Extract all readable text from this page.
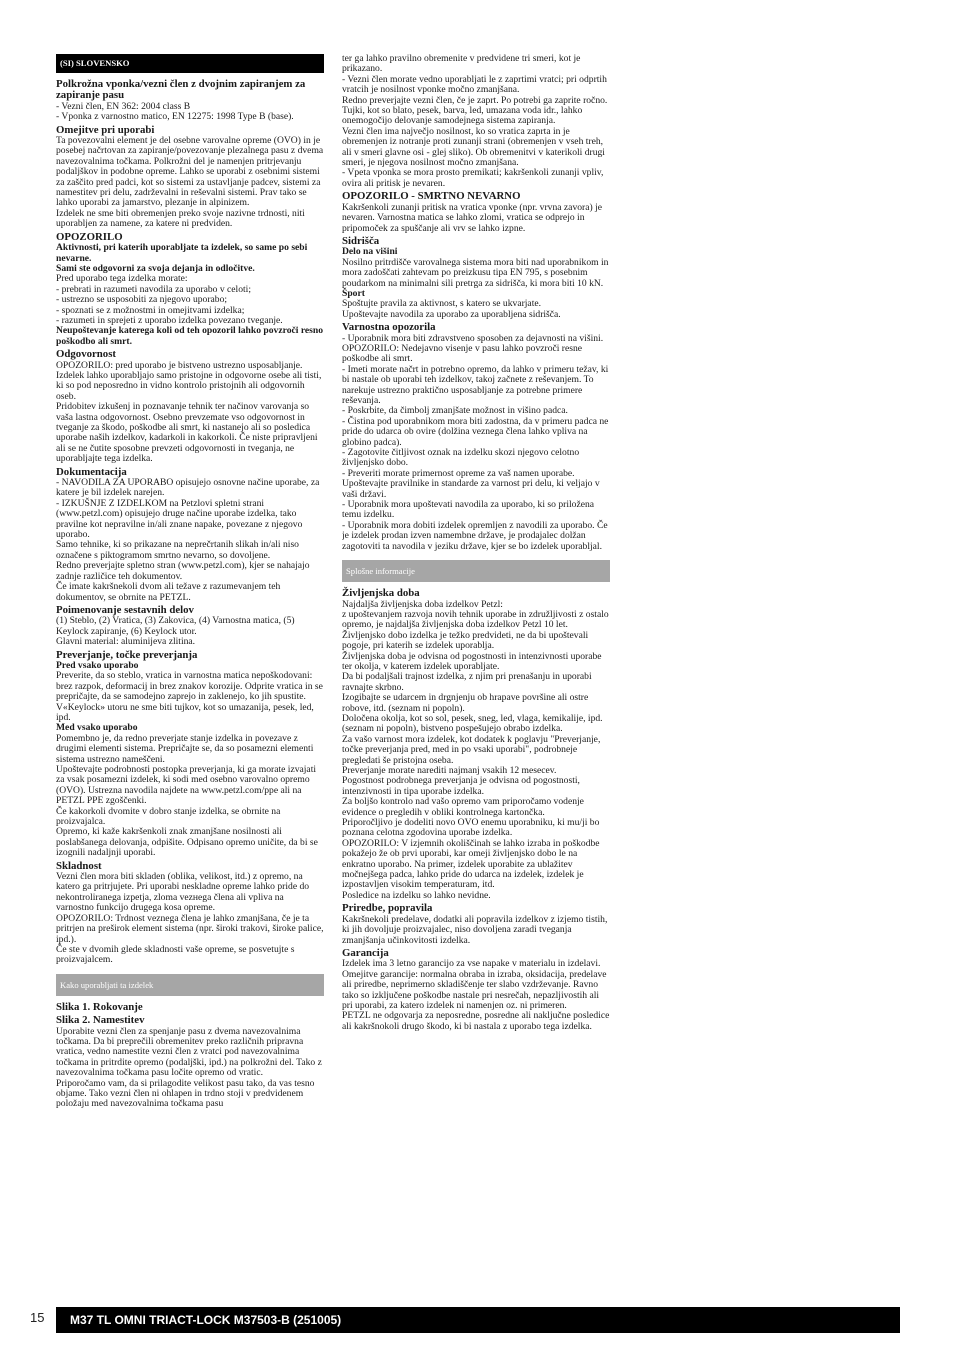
(SI) SLOVENSKO
Polkrožna vponka/vezni člen z dvojnim zapiranjem za zapiranje pasu
- Vezni člen, EN 362: 2004 class B
- Vponka z varnostno matico, EN 12275: 1998 Type B (base).
Omejitve pri uporabi
Ta povezovalni element je del osebne varovalne opreme (OVO) in je posebej načrtovan za zapiranje/povezovanje plezalnega pasu z dvema navezovalnima točkama. Polkrožni del je namenjen pritrjevanju podaljškov in podobne opreme. Lahko se uporabi z osebnimi sistemi za zaščito pred padci, kot so sistemi za ustavljanje padcev, sistemi za namestitev pri delu, zadrževalni in reševalni sistemi. Prav tako se lahko uporabi za jamarstvo, plezanje in alpinizem.
Izdelek ne sme biti obremenjen preko svoje nazivne trdnosti, niti uporabljen za namene, za katere ni predviden.
OPOZORILO
Aktivnosti, pri katerih uporabljate ta izdelek, so same po sebi nevarne.
Sami ste odgovorni za svoja dejanja in odločitve.
Pred uporabo tega izdelka morate:
- prebrati in razumeti navodila za uporabo v celoti;
- ustrezno se usposobiti za njegovo uporabo;
- spoznati se z možnostmi in omejitvami izdelka;
- razumeti in sprejeti z uporabo izdelka povezano tveganje.
Neupoštevanje katerega koli od teh opozoril lahko povzroči resno poškodbo ali smrt.
Odgovornost
OPOZORILO: pred uporabo je bistveno ustrezno usposabljanje.
Izdelek lahko uporabljajo samo pristojne in odgovorne osebe ali tisti, ki so pod neposredno in vidno kontrolo pristojnih ali odgovornih oseb.
Pridobitev izkušenj in poznavanje tehnik ter načinov varovanja so vaša lastna odgovornost. Osebno prevzemate vso odgovornost in tveganje za škodo, poškodbe ali smrt, ki nastanejo ali so posledica uporabe naših izdelkov, kadarkoli in kakorkoli. Če niste pripravljeni ali se ne čutite sposobne prevzeti odgovornosti in tveganja, ne uporabljajte tega izdelka.
Dokumentacija
- NAVODILA ZA UPORABO opisujejo osnovne načine uporabe, za katere je bil izdelek narejen.
- IZKUŠNJE Z IZDELKOM na Petzlovi spletni strani (www.petzl.com) opisujejo druge načine uporabe izdelka, tako pravilne kot nepravilne in/ali znane napake, povezane z njegovo uporabo.
Samo tehnike, ki so prikazane na neprečrtanih slikah in/ali niso označene s piktogramom smrtno nevarno, so dovoljene.
Redno preverjajte spletno stran (www.petzl.com), kjer se nahajajo zadnje različice teh dokumentov.
Če imate kakršnekoli dvom ali težave z razumevanjem teh dokumentov, se obrnite na PETZL.
Poimenovanje sestavnih delov
(1) Steblo, (2) Vratica, (3) Zakovica, (4) Varnostna matica, (5) Keylock zapiranje, (6) Keylock utor.
Glavni material: aluminijeva zlitina.
Preverjanje, točke preverjanja
Pred vsako uporabo
Preverite, da so steblo, vratica in varnostna matica nepoškodovani: brez razpok, deformacij in brez znakov korozije. Odprite vratica in se prepričajte, da se samodejno zaprejo in zakleneјo, ko jih spustite. V«Keylock» utoru ne sme biti tujkov, kot so umazanija, pesek, led, ipd.
Med vsako uporabo
Pomembno je, da redno preverjate stanje izdelka in povezave z drugimi elementi sistema. Prepričajte se, da so posamezni elementi sistema ustrezno nameščeni.
Upoštevajte podrobnosti postopka preverjanja, ki ga morate izvajati za vsak posamezni izdelek, ki sodi med osebno varovalno opremo (OVO). Ustrezna navodila najdete na www.petzl.com/ppe ali na PETZL PPE zgoščenki.
Če kakorkoli dvomite v dobro stanje izdelka, se obrnite na proizvajalca.
Opremo, ki kaže kakršenkoli znak zmanjšane nosilnosti ali poslabšanega delovanja, odpišite. Odpisano opremo uničite, da bi se izognili nadaljnji uporabi.
Skladnost
Vezni člen mora biti skladen (oblika, velikost, itd.) z opremo, na katero ga pritrjujete. Pri uporabi neskladne opreme lahko pride do nekontroliranega izpetja, zloma vezнega člena ali vpliva na varnostno funkcijo drugega kosa opreme.
OPOZORILO: Trdnost veznega člena je lahko zmanjšana, če je ta pritrjen na preširok element sistema (npr. široki trakovi, široke palice, ipd.).
Če ste v dvomih glede skladnosti vaše opreme, se posvetujte s proizvajalcem.
Kako uporabljati ta izdelek
Slika 1. Rokovanje
Slika 2. Namestitev
Uporabite vezni člen za spenjanje pasu z dvema navezovalnima točkama. Da bi preprečili obremenitev preko različnih pripravna vratica, vedno namestite vezni člen z vratci pod navezovalnima točkama in pritrdite opremo (podaljški, ipd.) na polkrožni del. Tako z navezovalnima točkama pasu ločite opremo od vratic.
Priporočamo vam, da si prilagodite velikost pasu tako, da vas tesno objame. Tako vezni člen ni ohlapen in trdno stoji v predvidenem položaju med navezovalnima točkama pasu
ter ga lahko pravilno obremenite v predvidene tri smeri, kot je prikazano.
- Vezni člen morate vedno uporabljati le z zaprtimi vratci; pri odprtih vratcih je nosilnost vponke močno zmanjšana.
Redno preverjajte vezni člen, če je zaprt. Po potrebi ga zaprite ročno.
Tujki, kot so blato, pesek, barva, led, umazana voda idr., lahko onemogočijo delovanje samodejnega sistema zapiranja.
Vezni člen ima največjo nosilnost, ko so vratica zaprta in je obremenjen iz notranje proti zunanji strani (obremenjen v vseh treh, ali v smeri glavne osi - glej sliko). Ob obremenitvi v katerikoli drugi smeri, je njegova nosilnost močno zmanjšana.
- Vpeta vponka se mora prosto premikati; kakršenkoli zunanji vpliv, ovira ali pritisk je nevaren.
OPOZORILO - SMRTNO NEVARNO
Kakršenkoli zunanji pritisk na vratica vponke (npr. vrvna zavora) je nevaren. Varnostna matica se lahko zlomi, vratica se odprejo in pripomoček za spuščanje ali vrv se lahko izpne.
Sidrišča
Delo na višini
Nosilno pritrdišče varovalnega sistema mora biti nad uporabnikom in mora zadoščati zahtevam po preizkusu tipa EN 795, s posebnim poudarkom na minimalni sili pretrga za sidrišča, ki mora biti 10 kN.
Šport
Spoštujte pravila za aktivnost, s katero se ukvarjate.
Upoštevajte navodila za uporabo za uporabljena sidrišča.
Varnostna opozorila
- Uporabnik mora biti zdravstveno sposoben za dejavnosti na višini. OPOZORILO: Nedejavno visenje v pasu lahko povzroči resne poškodbe ali smrt.
- Imeti morate načrt in potrebno opremo, da lahko v primeru težav, ki bi nastale ob uporabi teh izdelkov, takoj začnete z reševanjem. To narekuje ustrezno praktično usposabljanje za potrebne primere reševanja.
- Poskrbite, da čimbolj zmanjšate možnost in višino padca.
- Čistina pod uporabnikom mora biti zadostna, da v primeru padca ne pride do udarca ob ovire (dolžina veznega člena lahko vpliva na globino padca).
- Zagotovite čitljivost oznak na izdelku skozi njegovo celotno življenjsko dobo.
- Preveriti morate primernost opreme za vaš namen uporabe. Upoštevajte pravilnike in standarde za varnost pri delu, ki veljajo v vaši državi.
- Uporabnik mora upoštevati navodila za uporabo, ki so priložena temu izdelku.
- Uporabnik mora dobiti izdelek opremljen z navodili za uporabo. Če je izdelek prodan izven namembne države, je prodajalec dolžan zagotoviti ta navodila v jeziku države, kjer se bo izdelek uporabljal.
Splošne informacije
Življenjska doba
Najdaljša življenjska doba izdelkov Petzl:
z upoštevanjem razvoja novih tehnik uporabe in združljivosti z ostalo opremo, je najdaljša življenjska doba izdelkov Petzl 10 let.
Življenjsko dobo izdelka je težko predvideti, ne da bi upoštevali pogoje, pri katerih se izdelek uporablja.
Življenjska doba je odvisna od pogostnosti in intenzivnosti uporabe ter okolja, v katerem izdelek uporabljate.
Da bi podaljšali trajnost izdelka, z njim pri prenašanju in uporabi ravnajte skrbno.
Izogibajte se udarcem in drgnjenju ob hrapave površine ali ostre robove, itd. (seznam ni popoln).
Določena okolja, kot so sol, pesek, sneg, led, vlaga, kemikalije, ipd. (seznam ni popoln), bistveno pospešujejo obrabo izdelka.
Za vašo varnost mora izdelek, kot dodatek k poglavju "Preverjanje, točke preverjanja pred, med in po vsaki uporabi", podrobneje pregledati še pristojna oseba.
Preverjanje morate narediti najmanj vsakih 12 mesecev.
Pogostnost podrobnega preverjanja je odvisna od pogostnosti, intenzivnosti in tipa uporabe izdelka.
Za boljšo kontrolo nad vašo opremo vam priporočamo vodenje evidence o pregledih v obliki kontrolnega kartončka.
Priporočljivo je dodeliti novo OVO enemu uporabniku, ki mu/ji bo poznana celotna zgodovina uporabe izdelka.
OPOZORILO: V izjemnih okoliščinah se lahko izraba in poškodbe pokažejo že ob prvi uporabi, kar omeji življenjsko dobo le na enkratno uporabo. Na primer, izdelek uporabite za ublažitev močnejšega padca, lahko pride do udarca na izdelek, izdelek je izpostavljen visokim temperaturam, itd.
Posledice na izdelku so lahko nevidne.
Priredbe, popravila
Kakršnekoli predelave, dodatki ali popravila izdelkov z izjemo tistih, ki jih dovoljuje proizvajalec, niso dovoljena zaradi tveganja zmanjšanja učinkovitosti izdelka.
Garancija
Izdelek ima 3 letno garancijo za vse napake v materialu in izdelavi. Omejitve garancije: normalna obraba in izraba, oksidacija, predelave ali priredbe, neprimerno skladiščenje ter slabo vzdrževanje. Ravno tako so izključene poškodbe nastale pri nesrečah, nepazljivostih ali pri uporabi, za katero izdelek ni namenjen oz. ni primeren.
PETZL ne odgovarja za neposredne, posredne ali naključne posledice ali kakršnokoli drugo škodo, ki bi nastala z uporabo tega izdelka.
15	M37 TL OMNI TRIACT-LOCK M37503-B (251005)
